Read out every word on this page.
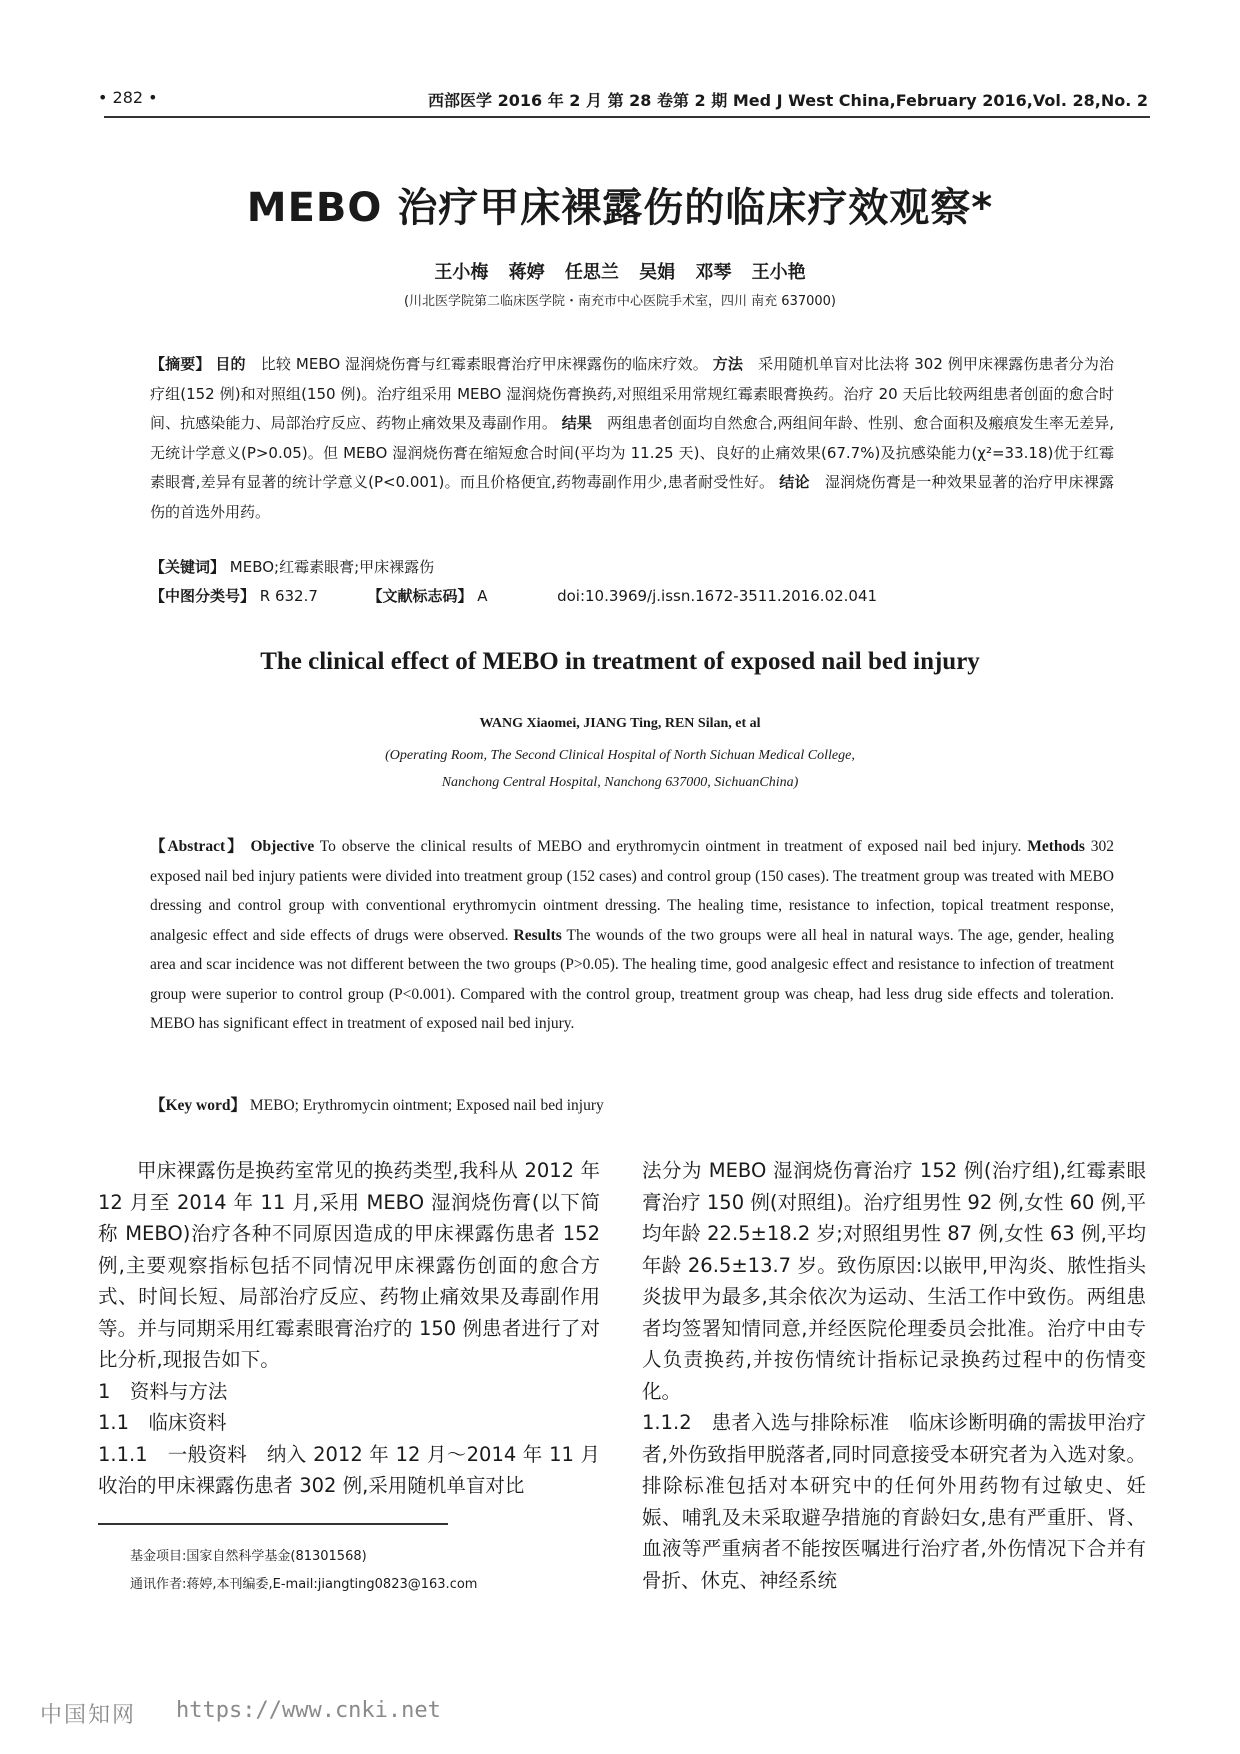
• 282 •	西部医学 2016 年 2 月 第 28 卷第 2 期 Med J West China,February 2016,Vol. 28,No. 2
MEBO 治疗甲床裸露伤的临床疗效观察*
王小梅 蒋婷 任思兰 吴娟 邓琴 王小艳
(川北医学院第二临床医学院・南充市中心医院手术室，四川 南充 637000)
【摘要】 目的　比较 MEBO 湿润烧伤膏与红霉素眼膏治疗甲床裸露伤的临床疗效。 方法　采用随机单盲对比法将 302 例甲床裸露伤患者分为治疗组(152 例)和对照组(150 例)。治疗组采用 MEBO 湿润烧伤膏换药,对照组采用常规红霉素眼膏换药。治疗 20 天后比较两组患者创面的愈合时间、抗感染能力、局部治疗反应、药物止痛效果及毒副作用。 结果　两组患者创面均自然愈合,两组间年龄、性别、愈合面积及瘢痕发生率无差异,无统计学意义(P>0.05)。但 MEBO 湿润烧伤膏在缩短愈合时间(平均为 11.25 天)、良好的止痛效果(67.7%)及抗感染能力(χ²=33.18)优于红霉素眼膏,差异有显著的统计学意义(P<0.001)。而且价格便宜,药物毒副作用少,患者耐受性好。 结论　湿润烧伤膏是一种效果显著的治疗甲床裸露伤的首选外用药。
【关键词】 MEBO;红霉素眼膏;甲床裸露伤
【中图分类号】 R 632.7	【文献标志码】 A	doi:10.3969/j.issn.1672-3511.2016.02.041
The clinical effect of MEBO in treatment of exposed nail bed injury
WANG Xiaomei, JIANG Ting, REN Silan, et al
(Operating Room, The Second Clinical Hospital of North Sichuan Medical College,
Nanchong Central Hospital, Nanchong 637000, SichuanChina)
【Abstract】 Objective To observe the clinical results of MEBO and erythromycin ointment in treatment of exposed nail bed injury. Methods 302 exposed nail bed injury patients were divided into treatment group (152 cases) and control group (150 cases). The treatment group was treated with MEBO dressing and control group with conventional erythromycin ointment dressing. The healing time, resistance to infection, topical treatment response, analgesic effect and side effects of drugs were observed. Results The wounds of the two groups were all heal in natural ways. The age, gender, healing area and scar incidence was not different between the two groups (P>0.05). The healing time, good analgesic effect and resistance to infection of treatment group were superior to control group (P<0.001). Compared with the control group, treatment group was cheap, had less drug side effects and toleration. MEBO has significant effect in treatment of exposed nail bed injury.
【Key word】 MEBO; Erythromycin ointment; Exposed nail bed injury

甲床裸露伤是换药室常见的换药类型,我科从 2012 年 12 月至 2014 年 11 月,采用 MEBO 湿润烧伤膏(以下简称 MEBO)治疗各种不同原因造成的甲床裸露伤患者 152 例,主要观察指标包括不同情况甲床裸露伤创面的愈合方式、时间长短、局部治疗反应、药物止痛效果及毒副作用等。并与同期采用红霉素眼膏治疗的 150 例患者进行了对比分析,现报告如下。

1　资料与方法

1.1　临床资料

1.1.1　一般资料　纳入 2012 年 12 月～2014 年 11 月收治的甲床裸露伤患者 302 例,采用随机单盲对比

法分为 MEBO 湿润烧伤膏治疗 152 例(治疗组),红霉素眼膏治疗 150 例(对照组)。治疗组男性 92 例,女性 60 例,平均年龄 22.5±18.2 岁;对照组男性 87 例,女性 63 例,平均年龄 26.5±13.7 岁。致伤原因:以嵌甲,甲沟炎、脓性指头炎拔甲为最多,其余依次为运动、生活工作中致伤。两组患者均签署知情同意,并经医院伦理委员会批准。治疗中由专人负责换药,并按伤情统计指标记录换药过程中的伤情变化。

1.1.2　患者入选与排除标准　临床诊断明确的需拔甲治疗者,外伤致指甲脱落者,同时同意接受本研究者为入选对象。排除标准包括对本研究中的任何外用药物有过敏史、妊娠、哺乳及未采取避孕措施的育龄妇女,患有严重肝、肾、血液等严重病者不能按医嘱进行治疗者,外伤情况下合并有骨折、休克、神经系统

基金项目:国家自然科学基金(81301568)
通讯作者:蒋婷,本刊编委,E-mail:jiangting0823@163.com
中国知网 https://www.cnki.net
